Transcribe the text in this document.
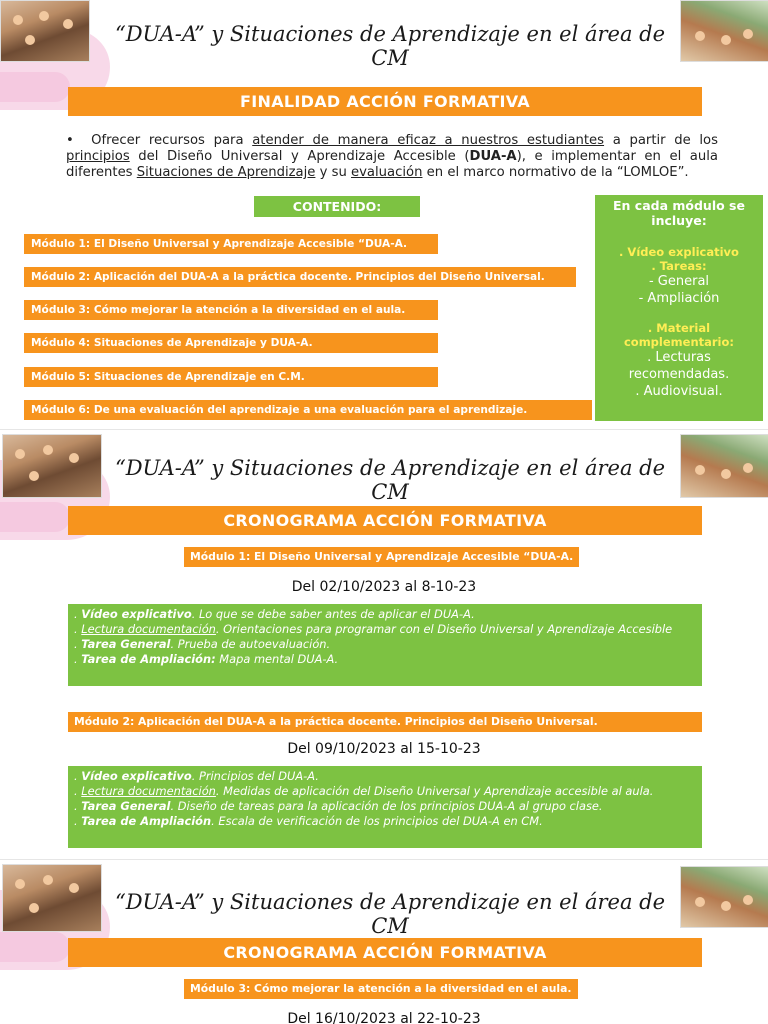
“DUA-A” y Situaciones de Aprendizaje en el área de CM
FINALIDAD ACCIÓN FORMATIVA
• Ofrecer recursos para atender de manera eficaz a nuestros estudiantes a partir de los principios del Diseño Universal y Aprendizaje Accesible (DUA-A), e implementar en el aula diferentes Situaciones de Aprendizaje y su evaluación en el marco normativo de la “LOMLOE”.
CONTENIDO:
Módulo 1: El Diseño Universal y Aprendizaje Accesible “DUA-A.
Módulo 2: Aplicación del DUA-A a la práctica docente. Principios del Diseño Universal.
Módulo 3: Cómo mejorar la atención a la diversidad en el aula.
Módulo 4: Situaciones de Aprendizaje y DUA-A.
Módulo 5: Situaciones de Aprendizaje en C.M.
Módulo 6: De una evaluación del aprendizaje a una evaluación para el aprendizaje.
En cada módulo se incluye:
. Vídeo explicativo
. Tareas:
- General
- Ampliación
. Material complementario:
. Lecturas recomendadas.
. Audiovisual.
“DUA-A” y Situaciones de Aprendizaje en el área de CM
CRONOGRAMA ACCIÓN FORMATIVA
Módulo 1: El Diseño Universal y Aprendizaje Accesible “DUA-A.
Del 02/10/2023 al 8-10-23
. Vídeo explicativo. Lo que se debe saber antes de aplicar el DUA-A.
. Lectura documentación. Orientaciones para programar con el Diseño Universal y Aprendizaje Accesible
. Tarea General. Prueba de autoevaluación.
. Tarea de Ampliación: Mapa mental DUA-A.
Módulo 2: Aplicación del DUA-A a la práctica docente. Principios del Diseño Universal.
Del 09/10/2023 al 15-10-23
. Vídeo explicativo. Principios del DUA-A.
. Lectura documentación. Medidas de aplicación del Diseño Universal y Aprendizaje accesible al aula.
. Tarea General. Diseño de tareas para la aplicación de los principios DUA-A al grupo clase.
. Tarea de Ampliación. Escala de verificación de los principios del DUA-A en CM.
“DUA-A” y Situaciones de Aprendizaje en el área de CM
CRONOGRAMA ACCIÓN FORMATIVA
Módulo 3: Cómo mejorar la atención a la diversidad en el aula.
Del 16/10/2023 al 22-10-23
